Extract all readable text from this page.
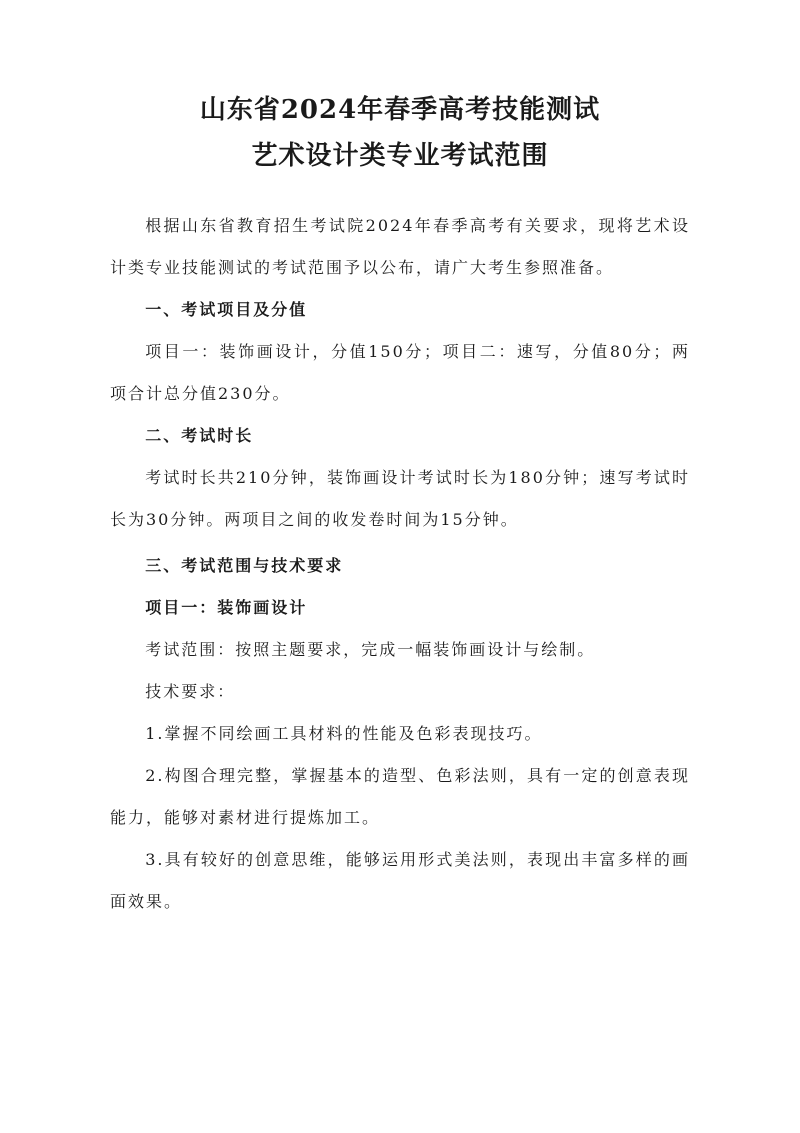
山东省2024年春季高考技能测试
艺术设计类专业考试范围

根据山东省教育招生考试院2024年春季高考有关要求，现将艺术设计类专业技能测试的考试范围予以公布，请广大考生参照准备。

一、考试项目及分值

项目一：装饰画设计，分值150分；项目二：速写，分值80分；两项合计总分值230分。

二、考试时长

考试时长共210分钟，装饰画设计考试时长为180分钟；速写考试时长为30分钟。两项目之间的收发卷时间为15分钟。

三、考试范围与技术要求

项目一：装饰画设计

考试范围：按照主题要求，完成一幅装饰画设计与绘制。

技术要求：

1.掌握不同绘画工具材料的性能及色彩表现技巧。

2.构图合理完整，掌握基本的造型、色彩法则，具有一定的创意表现能力，能够对素材进行提炼加工。

3.具有较好的创意思维，能够运用形式美法则，表现出丰富多样的画面效果。
